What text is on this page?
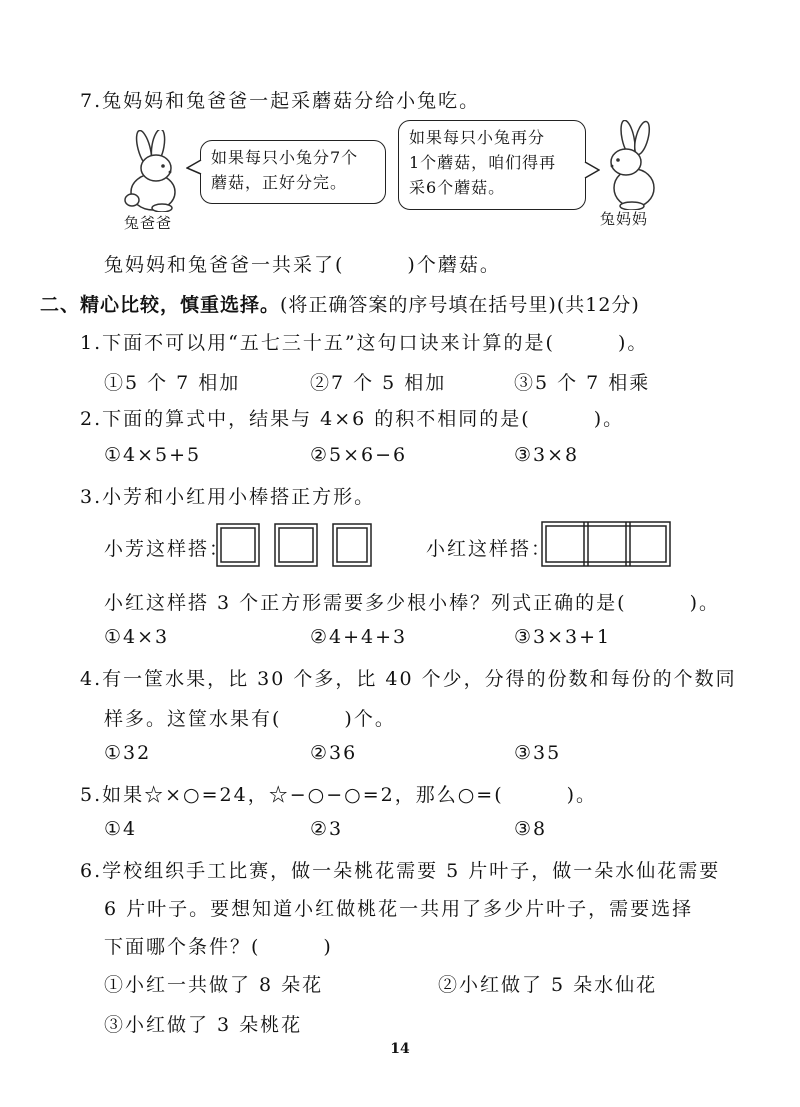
7.兔妈妈和兔爸爸一起采蘑菇分给小兔吃。
兔爸爸
如果每只小兔分7个
蘑菇，正好分完。
如果每只小兔再分
1个蘑菇，咱们得再
采6个蘑菇。
兔妈妈
兔妈妈和兔爸爸一共采了(　　　)个蘑菇。
二、精心比较，慎重选择。(将正确答案的序号填在括号里)(共12分)
1.下面不可以用“五七三十五”这句口诀来计算的是(　　　)。
①5 个 7 相加	②7 个 5 相加	③5 个 7 相乘
2.下面的算式中，结果与 4×6 的积不相同的是(　　　)。
①4×5+5	②5×6−6	③3×8
3.小芳和小红用小棒搭正方形。
小芳这样搭：	小红这样搭：
小红这样搭 3 个正方形需要多少根小棒？列式正确的是(　　　)。
①4×3	②4+4+3	③3×3+1
4.有一筐水果，比 30 个多，比 40 个少，分得的份数和每份的个数同
样多。这筐水果有(　　　)个。
①32	②36	③35
5.如果☆×○=24，☆−○−○=2，那么○=(　　　)。
①4	②3	③8
6.学校组织手工比赛，做一朵桃花需要 5 片叶子，做一朵水仙花需要
6 片叶子。要想知道小红做桃花一共用了多少片叶子，需要选择
下面哪个条件？(　　　)
①小红一共做了 8 朵花	②小红做了 5 朵水仙花
③小红做了 3 朵桃花
14
